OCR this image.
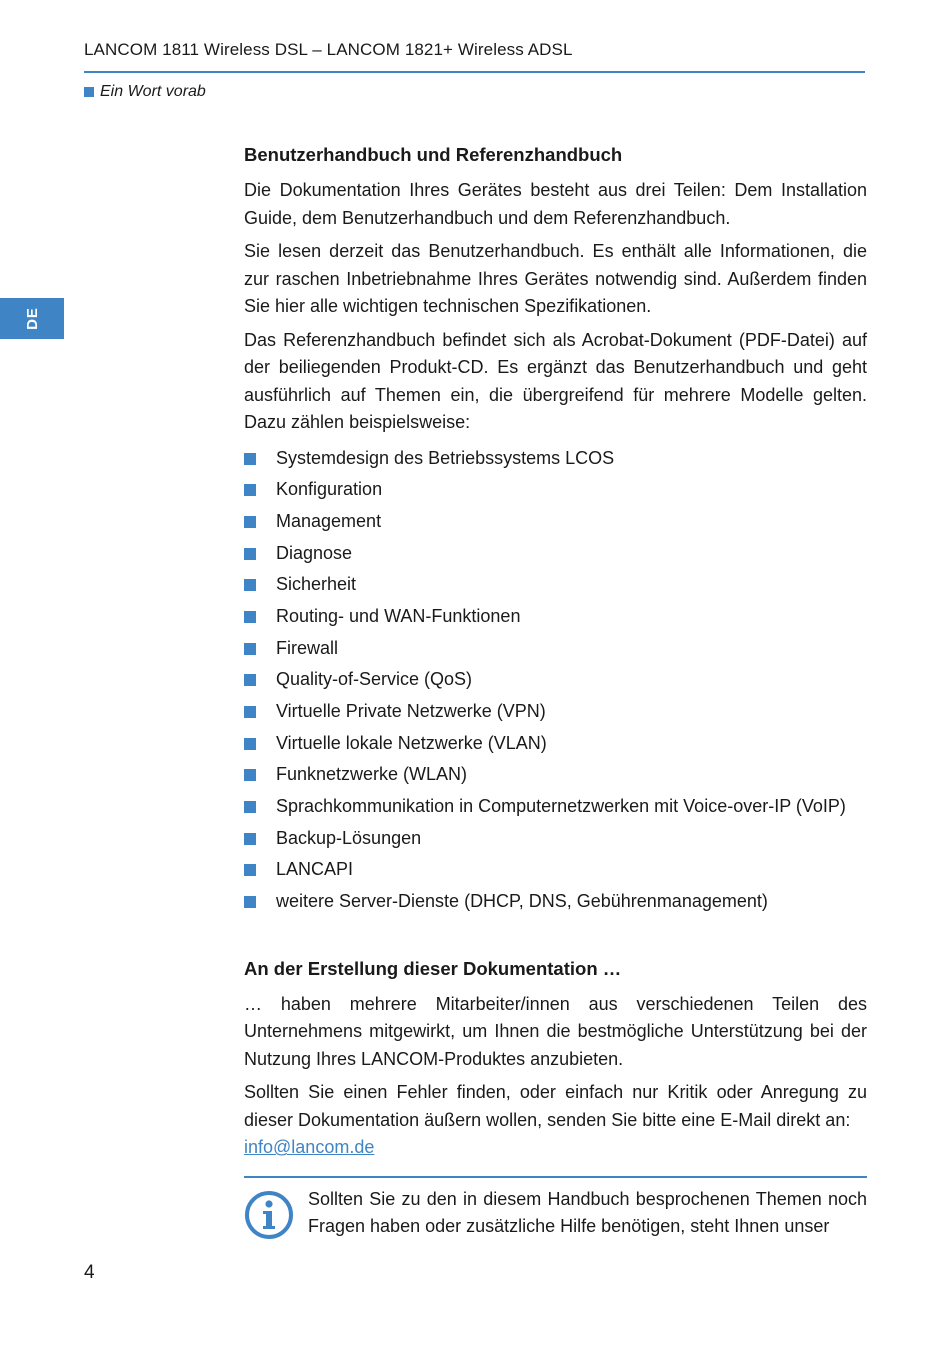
LANCOM 1811 Wireless DSL – LANCOM 1821+ Wireless ADSL
Ein Wort vorab
DE
Benutzerhandbuch und Referenzhandbuch

Die Dokumentation Ihres Gerätes besteht aus drei Teilen: Dem Installation Guide, dem Benutzerhandbuch und dem Referenzhandbuch.

Sie lesen derzeit das Benutzerhandbuch. Es enthält alle Informationen, die zur raschen Inbetriebnahme Ihres Gerätes notwendig sind. Außerdem finden Sie hier alle wichtigen technischen Spezifikationen.

Das Referenzhandbuch befindet sich als Acrobat-Dokument (PDF-Datei) auf der beiliegenden Produkt-CD. Es ergänzt das Benutzerhandbuch und geht ausführlich auf Themen ein, die übergreifend für mehrere Modelle gelten. Dazu zählen beispielsweise:

Systemdesign des Betriebssystems LCOS
Konfiguration
Management
Diagnose
Sicherheit
Routing- und WAN-Funktionen
Firewall
Quality-of-Service (QoS)
Virtuelle Private Netzwerke (VPN)
Virtuelle lokale Netzwerke (VLAN)
Funknetzwerke (WLAN)
Sprachkommunikation in Computernetzwerken mit Voice-over-IP (VoIP)
Backup-Lösungen
LANCAPI
weitere Server-Dienste (DHCP, DNS, Gebührenmanagement)
An der Erstellung dieser Dokumentation …

… haben mehrere Mitarbeiter/innen aus verschiedenen Teilen des Unternehmens mitgewirkt, um Ihnen die bestmögliche Unterstützung bei der Nutzung Ihres LANCOM-Produktes anzubieten.

Sollten Sie einen Fehler finden, oder einfach nur Kritik oder Anregung zu dieser Dokumentation äußern wollen, senden Sie bitte eine E-Mail direkt an:

info@lancom.de

Sollten Sie zu den in diesem Handbuch besprochenen Themen noch Fragen haben oder zusätzliche Hilfe benötigen, steht Ihnen unser

4
